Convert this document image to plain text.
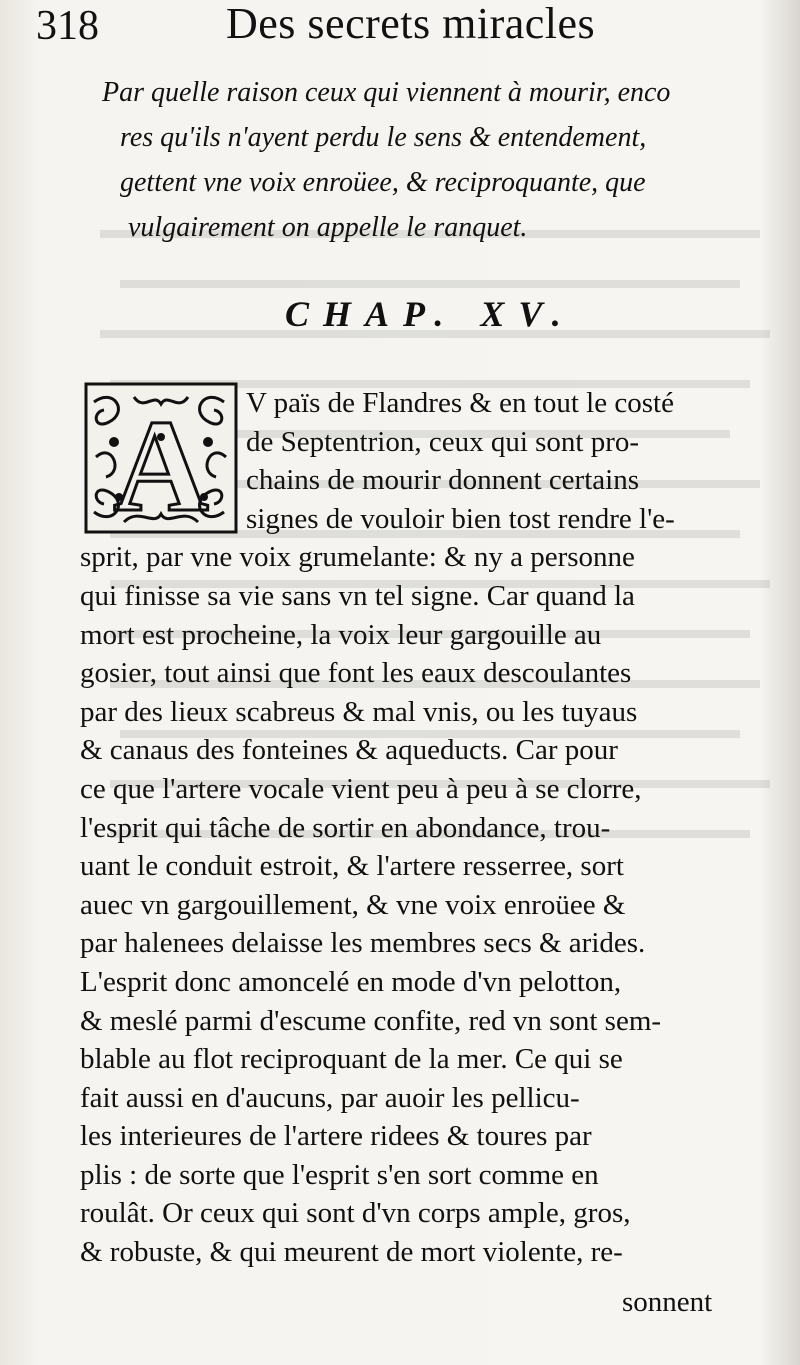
318	Des secrets miracles
Par quelle raison ceux qui viennent à mourir, enco
res qu'ils n'ayent perdu le sens & entendement,
gettent vne voix enroüee, & reciproquante, que
vulgairement on appelle le ranquet.
CHAP. XV.
A	V païs de Flandres & en tout le costé
de Septentrion, ceux qui sont pro-
chains de mourir donnent certains
signes de vouloir bien tost rendre l'e-
sprit, par vne voix grumelante: & ny a personne
qui finisse sa vie sans vn tel signe. Car quand la
mort est procheine, la voix leur gargouille au
gosier, tout ainsi que font les eaux descoulantes
par des lieux scabreus & mal vnis, ou les tuyaus
& canaus des fonteines & aqueducts. Car pour
ce que l'artere vocale vient peu à peu à se clorre,
l'esprit qui tâche de sortir en abondance, trou-
uant le conduit estroit, & l'artere resserree, sort
auec vn gargouillement, & vne voix enroüee &
par halenees delaisse les membres secs & arides.
L'esprit donc amoncelé en mode d'vn pelotton,
& meslé parmi d'escume confite, red vn sont sem-
blable au flot reciproquant de la mer. Ce qui se
fait aussi en d'aucuns, par auoir les pellicu-
les interieures de l'artere ridees & toures par
plis : de sorte que l'esprit s'en sort comme en
roulât. Or ceux qui sont d'vn corps ample, gros,
& robuste, & qui meurent de mort violente, re-
sonnent
